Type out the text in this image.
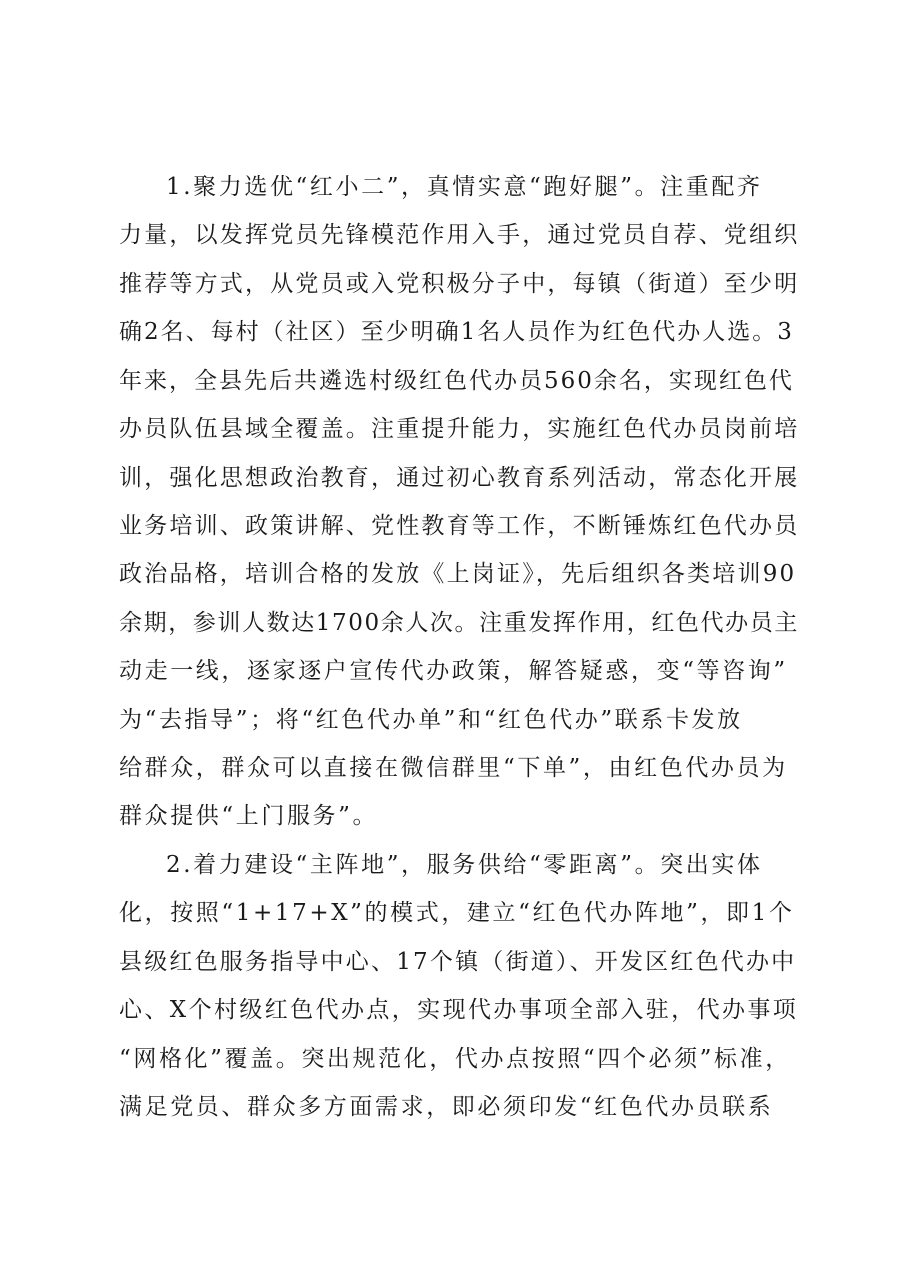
1.聚力选优“红小二”，真情实意“跑好腿”。注重配齐
力量，以发挥党员先锋模范作用入手，通过党员自荐、党组织
推荐等方式，从党员或入党积极分子中，每镇（街道）至少明
确2名、每村（社区）至少明确1名人员作为红色代办人选。3
年来，全县先后共遴选村级红色代办员560余名，实现红色代
办员队伍县域全覆盖。注重提升能力，实施红色代办员岗前培
训，强化思想政治教育，通过初心教育系列活动，常态化开展
业务培训、政策讲解、党性教育等工作，不断锤炼红色代办员
政治品格，培训合格的发放《上岗证》，先后组织各类培训90
余期，参训人数达1700余人次。注重发挥作用，红色代办员主
动走一线，逐家逐户宣传代办政策，解答疑惑，变“等咨询”
为“去指导”；将“红色代办单”和“红色代办”联系卡发放
给群众，群众可以直接在微信群里“下单”，由红色代办员为
群众提供“上门服务”。
2.着力建设“主阵地”，服务供给“零距离”。突出实体
化，按照“1+17+X”的模式，建立“红色代办阵地”，即1个
县级红色服务指导中心、17个镇（街道）、开发区红色代办中
心、X个村级红色代办点，实现代办事项全部入驻，代办事项
“网格化”覆盖。突出规范化，代办点按照“四个必须”标准，
满足党员、群众多方面需求，即必须印发“红色代办员联系
